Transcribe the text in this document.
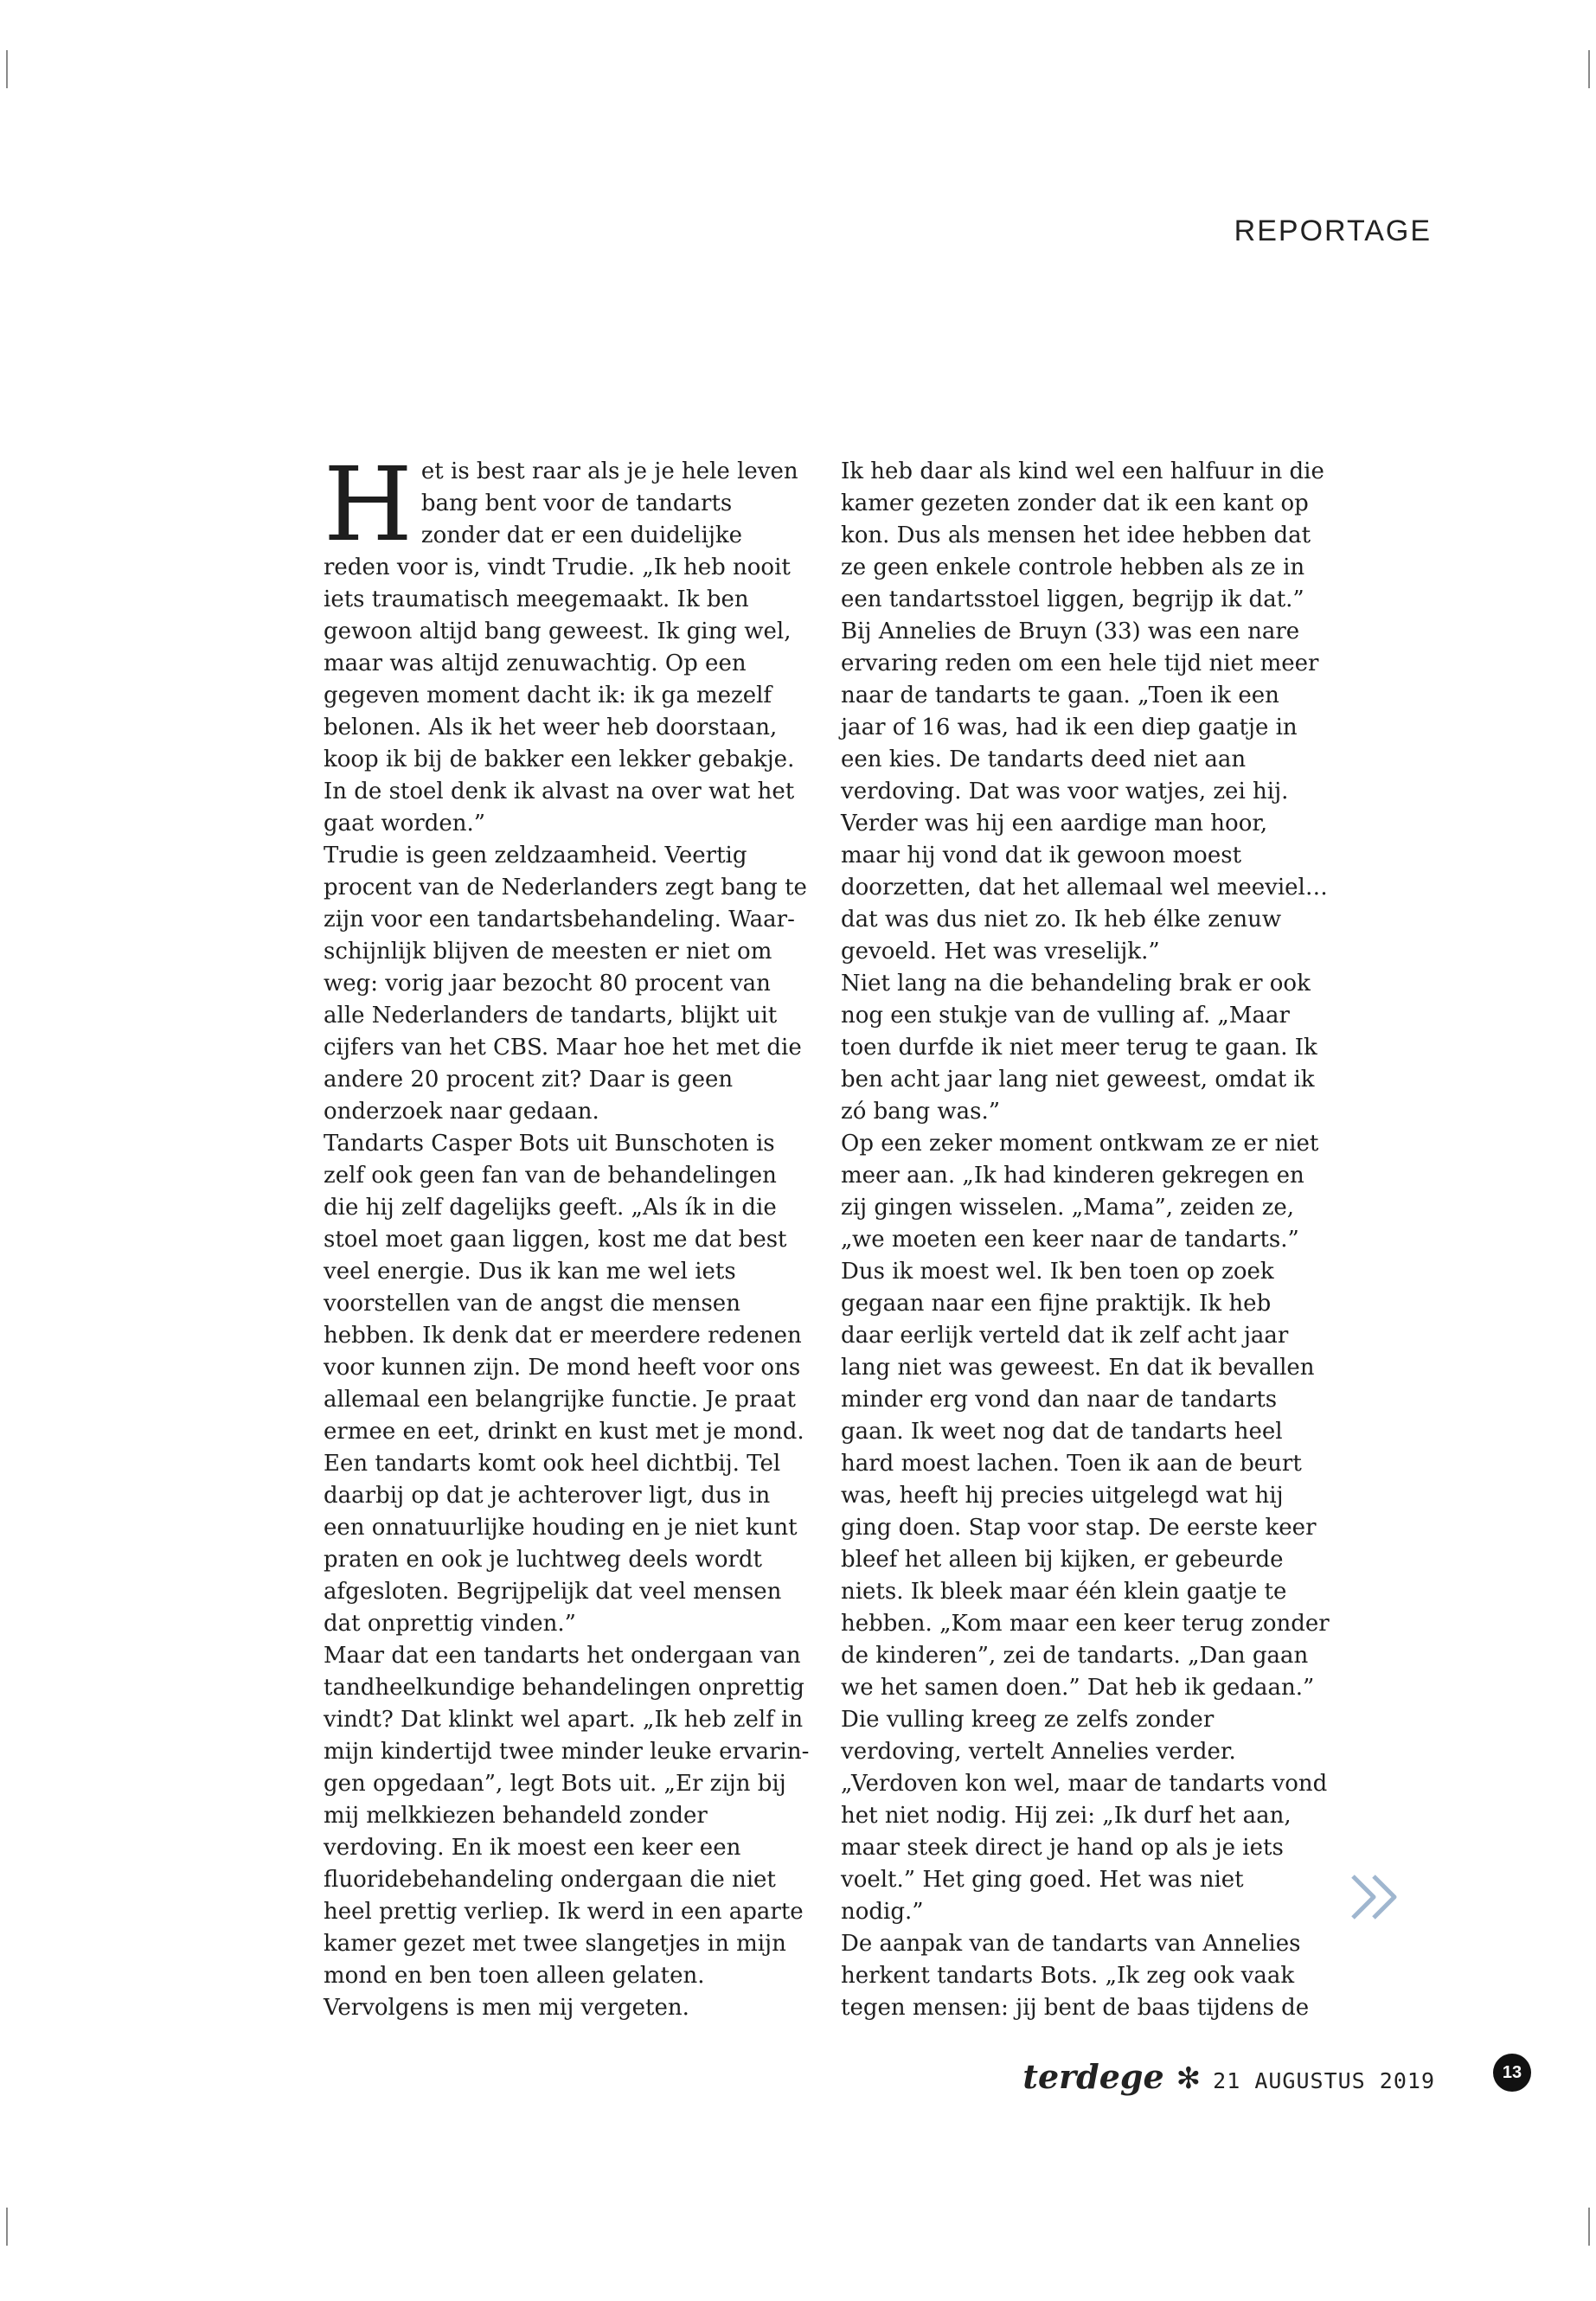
REPORTAGE

Het is best raar als je je hele leven bang bent voor de tandarts zonder dat er een duidelijke reden voor is, vindt Trudie. „Ik heb nooit iets traumatisch meegemaakt. Ik ben gewoon altijd bang geweest. Ik ging wel, maar was altijd zenuwachtig. Op een gegeven moment dacht ik: ik ga mezelf belonen. Als ik het weer heb doorstaan, koop ik bij de bakker een lekker gebakje. In de stoel denk ik alvast na over wat het gaat worden.”

Trudie is geen zeldzaamheid. Veertig procent van de Nederlanders zegt bang te zijn voor een tandartsbehandeling. Waarschijnlijk blijven de meesten er niet om weg: vorig jaar bezocht 80 procent van alle Nederlanders de tandarts, blijkt uit cijfers van het CBS. Maar hoe het met die andere 20 procent zit? Daar is geen onderzoek naar gedaan.

Tandarts Casper Bots uit Bunschoten is zelf ook geen fan van de behandelingen die hij zelf dagelijks geeft. „Als ík in die stoel moet gaan liggen, kost me dat best veel energie. Dus ik kan me wel iets voorstellen van de angst die mensen hebben. Ik denk dat er meerdere redenen voor kunnen zijn. De mond heeft voor ons allemaal een belangrijke functie. Je praat ermee en eet, drinkt en kust met je mond. Een tandarts komt ook heel dichtbij. Tel daarbij op dat je achterover ligt, dus in een onnatuurlijke houding en je niet kunt praten en ook je luchtweg deels wordt afgesloten. Begrijpelijk dat veel mensen dat onprettig vinden.”

Maar dat een tandarts het ondergaan van tandheelkundige behandelingen onprettig vindt? Dat klinkt wel apart. „Ik heb zelf in mijn kindertijd twee minder leuke ervaringen opgedaan”, legt Bots uit. „Er zijn bij mij melkkiezen behandeld zonder verdoving. En ik moest een keer een fluoridebehandeling ondergaan die niet heel prettig verliep. Ik werd in een aparte kamer gezet met twee slangetjes in mijn mond en ben toen alleen gelaten. Vervolgens is men mij vergeten.

Ik heb daar als kind wel een halfuur in die kamer gezeten zonder dat ik een kant op kon. Dus als mensen het idee hebben dat ze geen enkele controle hebben als ze in een tandartsstoel liggen, begrijp ik dat.”

Bij Annelies de Bruyn (33) was een nare ervaring reden om een hele tijd niet meer naar de tandarts te gaan. „Toen ik een jaar of 16 was, had ik een diep gaatje in een kies. De tandarts deed niet aan verdoving. Dat was voor watjes, zei hij. Verder was hij een aardige man hoor, maar hij vond dat ik gewoon moest doorzetten, dat het allemaal wel meeviel… dat was dus niet zo. Ik heb élke zenuw gevoeld. Het was vreselijk.”

Niet lang na die behandeling brak er ook nog een stukje van de vulling af. „Maar toen durfde ik niet meer terug te gaan. Ik ben acht jaar lang niet geweest, omdat ik zó bang was.”

Op een zeker moment ontkwam ze er niet meer aan. „Ik had kinderen gekregen en zij gingen wisselen. „Mama”, zeiden ze, „we moeten een keer naar de tandarts.” Dus ik moest wel. Ik ben toen op zoek gegaan naar een fijne praktijk. Ik heb daar eerlijk verteld dat ik zelf acht jaar lang niet was geweest. En dat ik bevallen minder erg vond dan naar de tandarts gaan. Ik weet nog dat de tandarts heel hard moest lachen. Toen ik aan de beurt was, heeft hij precies uitgelegd wat hij ging doen. Stap voor stap. De eerste keer bleef het alleen bij kijken, er gebeurde niets. Ik bleek maar één klein gaatje te hebben. „Kom maar een keer terug zonder de kinderen”, zei de tandarts. „Dan gaan we het samen doen.” Dat heb ik gedaan.”

Die vulling kreeg ze zelfs zonder verdoving, vertelt Annelies verder. „Verdoven kon wel, maar de tandarts vond het niet nodig. Hij zei: „Ik durf het aan, maar steek direct je hand op als je iets voelt.” Het ging goed. Het was niet nodig.”

De aanpak van de tandarts van Annelies herkent tandarts Bots. „Ik zeg ook vaak tegen mensen: jij bent de baas tijdens de

terdege ✻ 21 AUGUSTUS 2019	13
